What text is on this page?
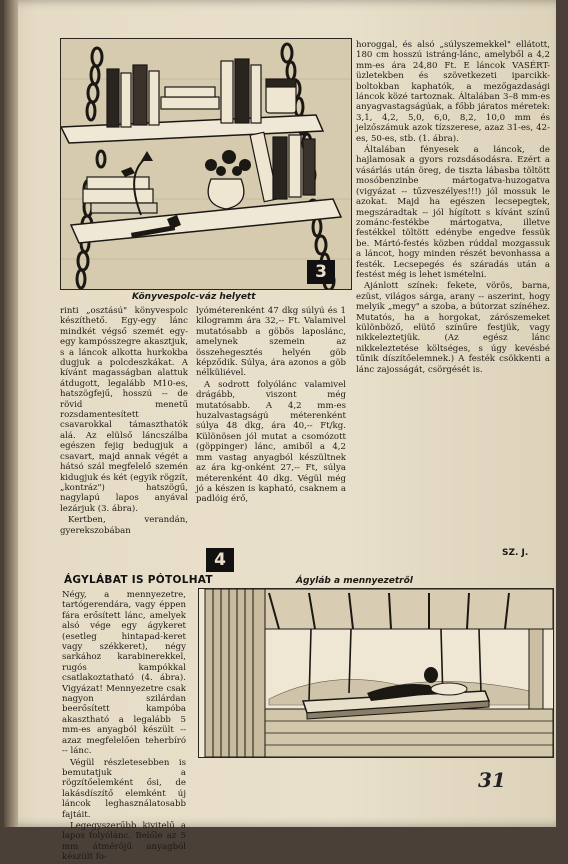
3
Könyvespolc-váz helyett

horoggal, és alsó „súlyszemekkel" ellátott, 180 cm hosszú istráng-lánc, amelyből a 4,2 mm-es ára 24,80 Ft. E láncok VASÉRT-üzletekben és szövetkezeti iparcikk-boltokban kaphatók, a mezőgazdasági láncok közé tartoznak. Általában 3–8 mm-es anyagvastagságúak, a főbb járatos méretek: 3,1, 4,2, 5,0, 6,0, 8,2, 10,0 mm és jelzőszámuk azok tízszerese, azaz 31-es, 42-es, 50-es, stb. (1. ábra).

Általában fényesek a láncok, de hajlamosak a gyors rozsdásodásra. Ezért a vásárlás után öreg, de tiszta lábasba töltött mosóbenzinbe mártogatva-huzogatva (vigyázat -- tűzveszélyes!!!) jól mossuk le azokat. Majd ha egészen lecsepegtek, megszáradtak -- jól hígított s kívánt színű zománc-festékbe mártogatva, illetve festékkel töltött edénybe engedve fessük be. Mártó-festés közben rúddal mozgassuk a láncot, hogy minden részét bevonhassa a festék. Lecsepegés és száradás után a festést még is lehet ismételni.

Ajánlott színek: fekete, vörös, barna, ezüst, világos sárga, arany -- aszerint, hogy melyik „megy" a szoba, a bútorzat színéhez. Mutatós, ha a horgokat, zárószemeket különböző, elütő színűre festjük, vagy nikkeleztetjük. (Az egész lánc nikkeleztetése költséges, s úgy kevésbé tűnik díszítőelemnek.) A festék csökkenti a lánc zajosságát, csörgését is.

SZ. J.

rinti „osztású" könyvespolc készíthető. Egy-egy lánc mindkét végső szemét egy-egy kampósszegre akasztjuk, s a láncok alkotta hurkokba dugjuk a polcdeszkákat. A kívánt magasságban alattuk átdugott, legalább M10-es, hatszögfejű, hosszú -- de rövid menetű rozsdamentesített csavarokkal támaszthatók alá. Az elülső láncszálba egészen fejig bedugjuk a csavart, majd annak végét a hátsó szál megfelelő szemén kidugjuk és két (egyik rögzít, „kontráz") hatszögű, nagylapú lapos anyával lezárjuk (3. ábra).

Kertben, verandán, gyerekszobában

lyóméterenként 47 dkg súlyú és 1 kilogramm ára 32,-- Ft. Valamivel mutatósabb a göbös laposlánc, amelynek szemein az összehegesztés helyén göb képződik. Súlya, ára azonos a göb nélküliével.

A sodrott folyólánc valamivel drágább, viszont még mutatósabb. A 4,2 mm-es huzalvastagságú méterenként súlya 48 dkg, ára 40,-- Ft/kg. Különösen jól mutat a csomózott (göppinger) lánc, amiből a 4,2 mm vastag anyagból készültnek az ára kg-onként 27,-- Ft, súlya méterenként 40 dkg. Végül még jó a készen is kapható, csaknem a padlóig érő,

ÁGYLÁBAT IS PÓTOLHAT	Ágyláb a mennyezetről

Négy, a mennyezetre, tartógerendára, vagy éppen fára erősített lánc, amelyek alsó vége egy ágykeret (esetleg hintapad-keret vagy székkeret), négy sarkához karabinerekkel, rugós kampókkal csatlakoztatható (4. ábra). Vigyázat! Mennyezetre csak nagyon szilárdan beerősített kampóba akasztható a legalább 5 mm-es anyagból készült -- azaz megfelelően teherbíró -- lánc.

Végül részletesebben is bemutatjuk a rögzítőelemként ősi, de lakásdíszítő elemként új láncok leghasználatosabb fajtáit.

Legegyszerűbb kivitelű a lapos folyólánc. Belőle az 5 mm átmérőjű anyagból készült fo-

4
31
